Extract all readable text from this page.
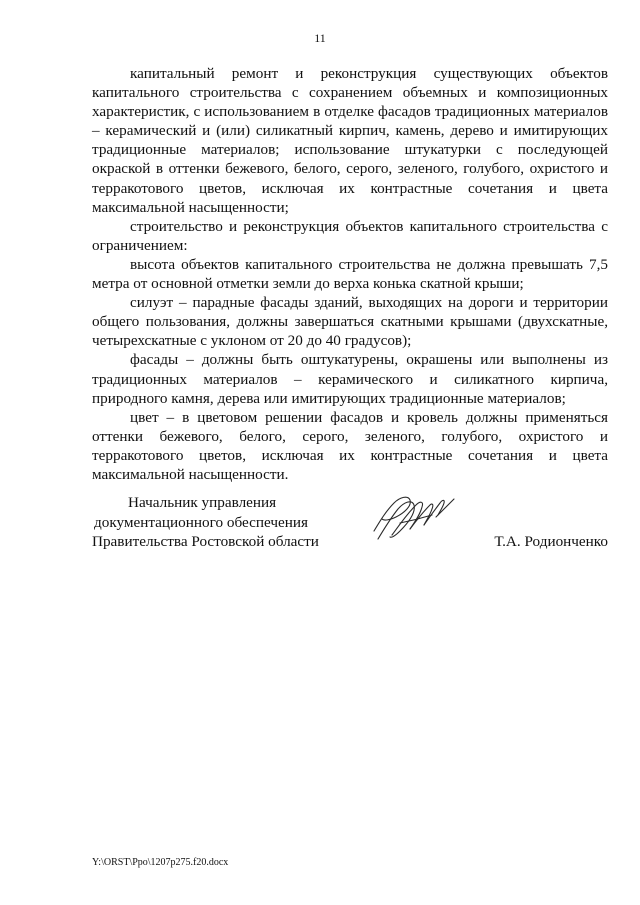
11

капитальный ремонт и реконструкция существующих объектов капитального строительства с сохранением объемных и композиционных характеристик, с использованием в отделке фасадов традиционных материалов – керамический и (или) силикатный кирпич, камень, дерево и имитирующих традиционные материалов; использование штукатурки с последующей окраской в оттенки бежевого, белого, серого, зеленого, голубого, охристого и терракотового цветов, исключая их контрастные сочетания и цвета максимальной насыщенности;

строительство и реконструкция объектов капитального строительства с ограничением:

высота объектов капитального строительства не должна превышать 7,5 метра от основной отметки земли до верха конька скатной крыши;

силуэт – парадные фасады зданий, выходящих на дороги и территории общего пользования, должны завершаться скатными крышами (двухскатные, четырехскатные с уклоном от 20 до 40 градусов);

фасады – должны быть оштукатурены, окрашены или выполнены из традиционных материалов – керамического и силикатного кирпича, природного камня, дерева или имитирующих традиционные материалов;

цвет – в цветовом решении фасадов и кровель должны применяться оттенки бежевого, белого, серого, зеленого, голубого, охристого и терракотового цветов, исключая их контрастные сочетания и цвета максимальной насыщенности.

Начальник управления
документационного обеспечения
Правительства Ростовской области	Т.А. Родионченко
Y:\ORST\Ppo\1207p275.f20.docx
